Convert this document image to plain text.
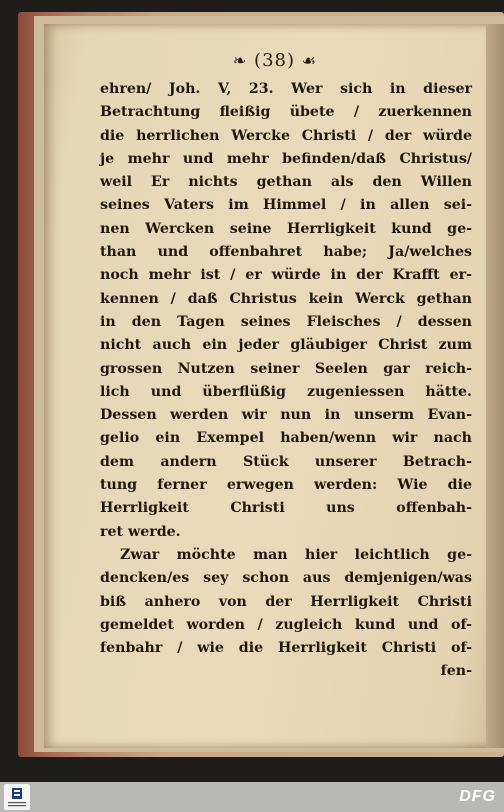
❧ (38) ☙
ehren/ Joh. V, 23. Wer sich in dieser
Betrachtung fleißig übete / zuerkennen
die herrlichen Wercke Christi / der würde
je mehr und mehr befinden/daß Christus/
weil Er nichts gethan als den Willen
seines Vaters im Himmel / in allen sei-
nen Wercken seine Herrligkeit kund ge-
than und offenbahret habe; Ja/welches
noch mehr ist / er würde in der Krafft er-
kennen / daß Christus kein Werck gethan
in den Tagen seines Fleisches / dessen
nicht auch ein jeder gläubiger Christ zum
grossen Nutzen seiner Seelen gar reich-
lich und überflüßig zugeniessen hätte.
Dessen werden wir nun in unserm Evan-
gelio ein Exempel haben/wenn wir nach
dem andern Stück unserer Betrach-
tung ferner erwegen werden: Wie die
Herrligkeit Christi uns offenbah-
ret werde.
Zwar möchte man hier leichtlich ge-
dencken/es sey schon aus demjenigen/was
biß anhero von der Herrligkeit Christi
gemeldet worden / zugleich kund und of-
fenbahr / wie die Herrligkeit Christi of-
fen-
DFG
